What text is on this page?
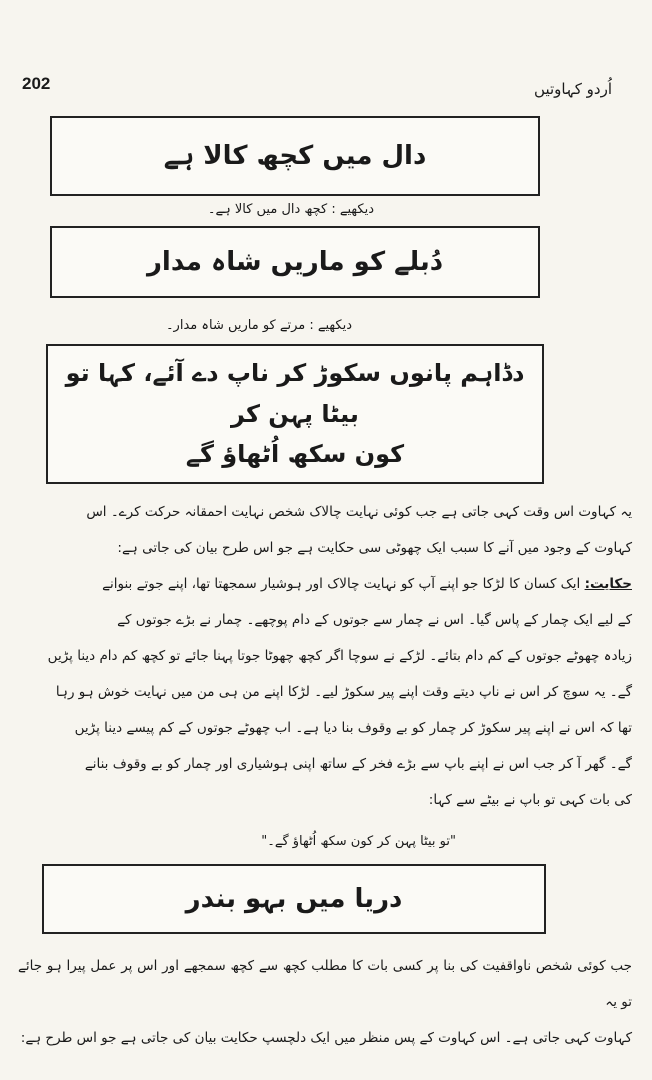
202	اُردو کہاوتیں
دال میں کچھ کالا ہے
دیکھیے : کچھ دال میں کالا ہے۔
دُبلے کو ماریں شاہ مدار
دیکھیے : مرتے کو ماریں شاہ مدار۔
دڈاہم پانوں سکوڑ کر ناپ دے آئے، کہا تو بیٹا پہن کر
کون سکھ اُٹھاؤ گے

یہ کہاوت اس وقت کہی جاتی ہے جب کوئی نہایت چالاک شخص نہایت احمقانہ حرکت کرے۔ اس

کہاوت کے وجود میں آنے کا سبب ایک چھوٹی سی حکایت ہے جو اس طرح بیان کی جاتی ہے:

حکایت: ایک کسان کا لڑکا جو اپنے آپ کو نہایت چالاک اور ہوشیار سمجھتا تھا، اپنے جوتے بنوانے

کے لیے ایک چمار کے پاس گیا۔ اس نے چمار سے جوتوں کے دام پوچھے۔ چمار نے بڑے جوتوں کے

زیادہ چھوٹے جوتوں کے کم دام بتائے۔ لڑکے نے سوچا اگر کچھ چھوٹا جوتا پہنا جائے تو کچھ کم دام دینا پڑیں

گے۔ یہ سوچ کر اس نے ناپ دیتے وقت اپنے پیر سکوڑ لیے۔ لڑکا اپنے من ہی من میں نہایت خوش ہو رہا

تھا کہ اس نے اپنے پیر سکوڑ کر چمار کو بے وقوف بنا دیا ہے۔ اب چھوٹے جوتوں کے کم پیسے دینا پڑیں

گے۔ گھر آ کر جب اس نے اپنے باپ سے بڑے فخر کے ساتھ اپنی ہوشیاری اور چمار کو بے وقوف بنانے

کی بات کہی تو باپ نے بیٹے سے کہا:

"تو بیٹا پہن کر کون سکھ اُٹھاؤ گے۔"
دریا میں بہو بندر

جب کوئی شخص ناواقفیت کی بنا پر کسی بات کا مطلب کچھ سے کچھ سمجھے اور اس پر عمل پیرا ہو جائے تو یہ

کہاوت کہی جاتی ہے۔ اس کہاوت کے پس منظر میں ایک دلچسپ حکایت بیان کی جاتی ہے جو اس طرح ہے:
